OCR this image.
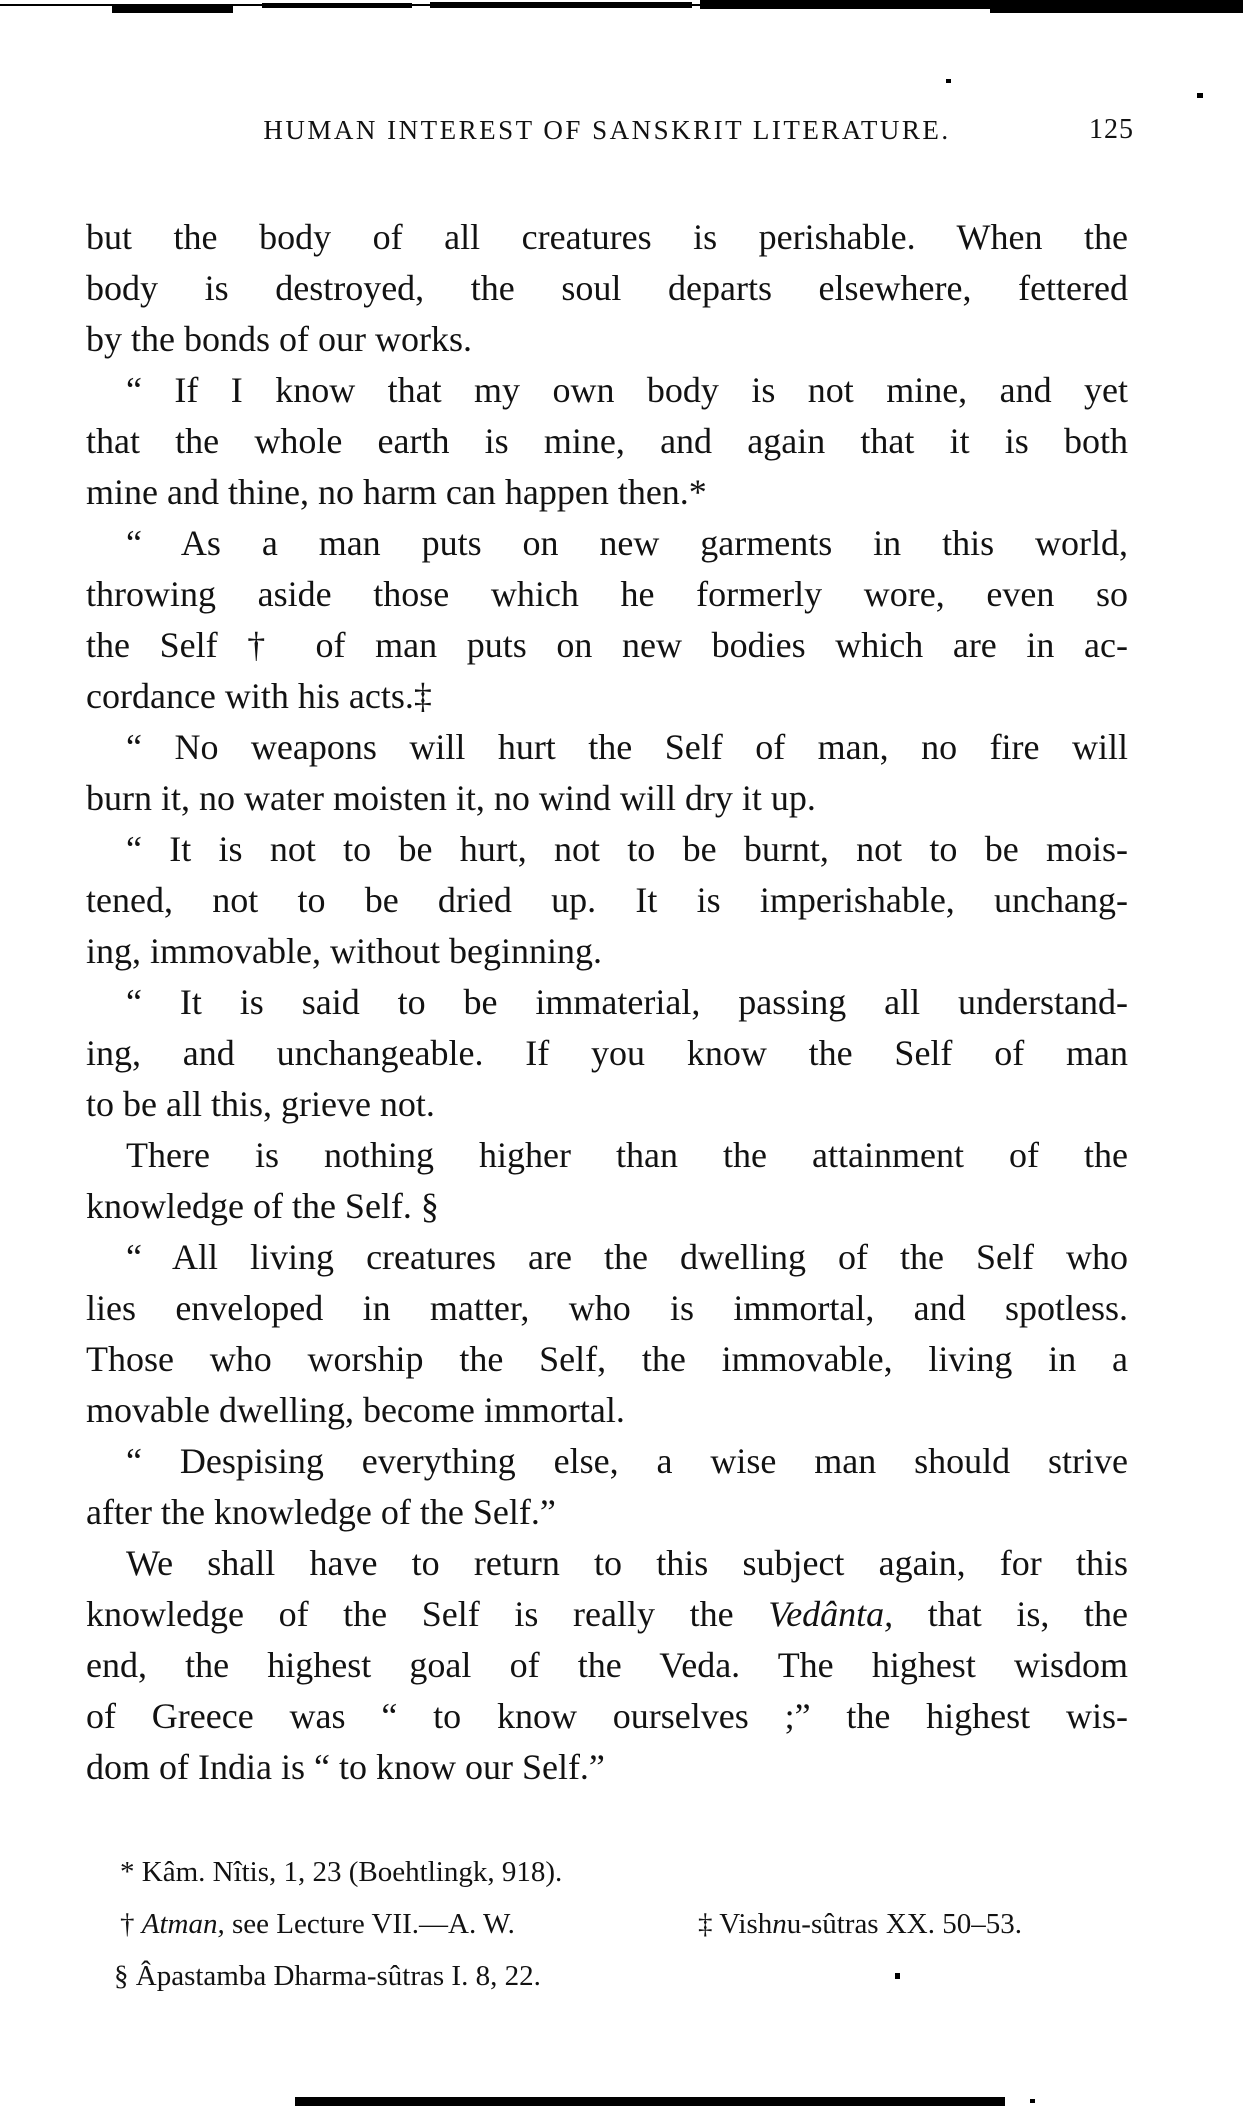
HUMAN INTEREST OF SANSKRIT LITERATURE.	125
but the body of all creatures is perishable. When the
body is destroyed, the soul departs elsewhere, fettered
by the bonds of our works.
“ If I know that my own body is not mine, and yet
that the whole earth is mine, and again that it is both
mine and thine, no harm can happen then.*
“ As a man puts on new garments in this world,
throwing aside those which he formerly wore, even so
the Self † of man puts on new bodies which are in ac-
cordance with his acts.‡
“ No weapons will hurt the Self of man, no fire will
burn it, no water moisten it, no wind will dry it up.
“ It is not to be hurt, not to be burnt, not to be mois-
tened, not to be dried up. It is imperishable, unchang-
ing, immovable, without beginning.
“ It is said to be immaterial, passing all understand-
ing, and unchangeable. If you know the Self of man
to be all this, grieve not.
There is nothing higher than the attainment of the
knowledge of the Self. §
“ All living creatures are the dwelling of the Self who
lies enveloped in matter, who is immortal, and spotless.
Those who worship the Self, the immovable, living in a
movable dwelling, become immortal.
“ Despising everything else, a wise man should strive
after the knowledge of the Self.”
We shall have to return to this subject again, for this
knowledge of the Self is really the Vedânta, that is, the
end, the highest goal of the Veda. The highest wisdom
of Greece was “ to know ourselves ;” the highest wis-
dom of India is “ to know our Self.”
* Kâm. Nîtis, 1, 23 (Boehtlingk, 918).
† Atman, see Lecture VII.—A. W.	‡ Vishnu-sûtras XX. 50–53.
§ Âpastamba Dharma-sûtras I. 8, 22.
